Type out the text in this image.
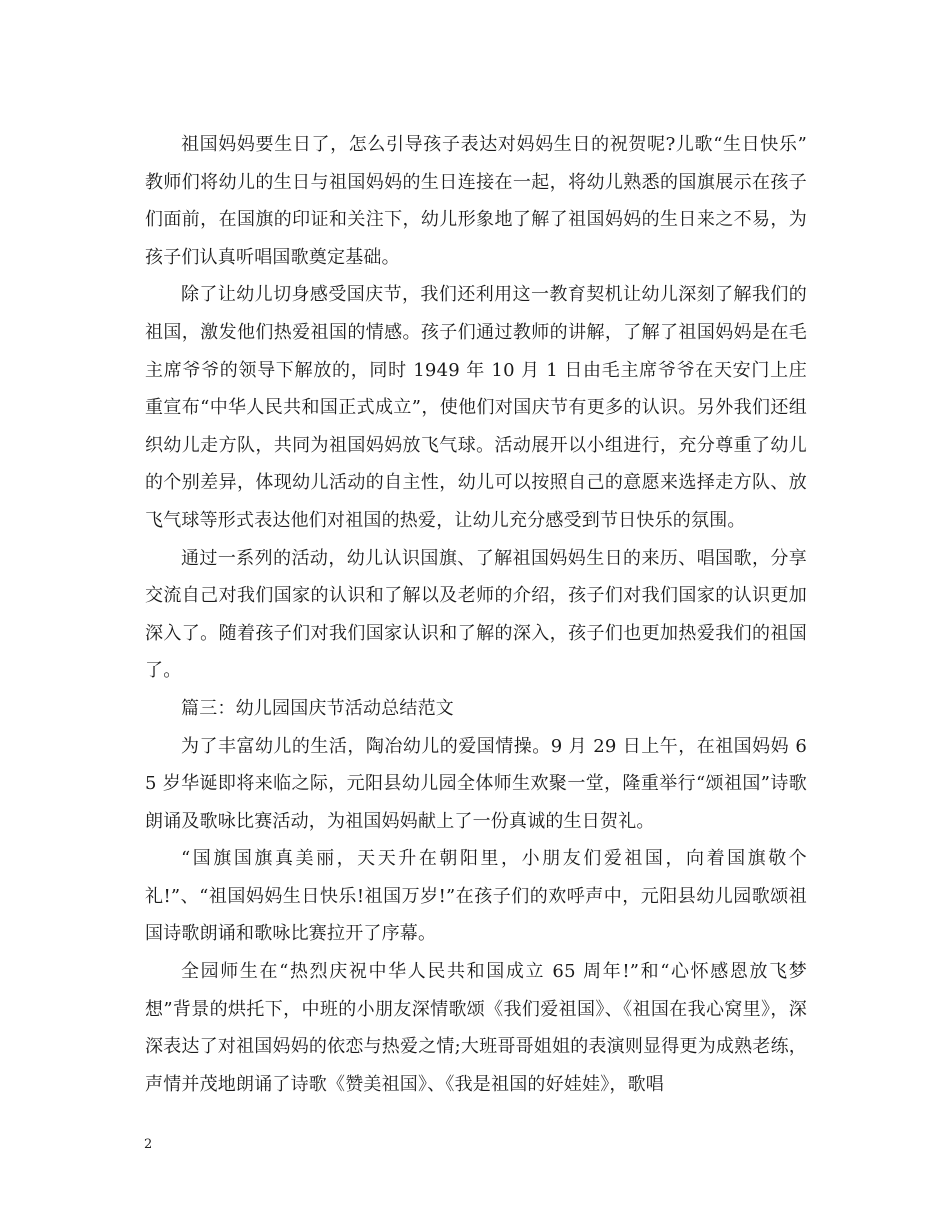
祖国妈妈要生日了，怎么引导孩子表达对妈妈生日的祝贺呢?儿歌“生日快乐” 教师们将幼儿的生日与祖国妈妈的生日连接在一起，将幼儿熟悉的国旗展示在孩子们面前，在国旗的印证和关注下，幼儿形象地了解了祖国妈妈的生日来之不易，为孩子们认真听唱国歌奠定基础。

除了让幼儿切身感受国庆节，我们还利用这一教育契机让幼儿深刻了解我们的祖国，激发他们热爱祖国的情感。孩子们通过教师的讲解，了解了祖国妈妈是在毛主席爷爷的领导下解放的，同时 1949 年 10 月 1 日由毛主席爷爷在天安门上庄重宣布“中华人民共和国正式成立”，使他们对国庆节有更多的认识。另外我们还组织幼儿走方队，共同为祖国妈妈放飞气球。活动展开以小组进行，充分尊重了幼儿的个别差异，体现幼儿活动的自主性，幼儿可以按照自己的意愿来选择走方队、放飞气球等形式表达他们对祖国的热爱，让幼儿充分感受到节日快乐的氛围。

通过一系列的活动，幼儿认识国旗、了解祖国妈妈生日的来历、唱国歌，分享交流自己对我们国家的认识和了解以及老师的介绍，孩子们对我们国家的认识更加深入了。随着孩子们对我们国家认识和了解的深入，孩子们也更加热爱我们的祖国了。

篇三：幼儿园国庆节活动总结范文

为了丰富幼儿的生活，陶冶幼儿的爱国情操。9 月 29 日上午，在祖国妈妈 65 岁华诞即将来临之际，元阳县幼儿园全体师生欢聚一堂，隆重举行“颂祖国”诗歌朗诵及歌咏比赛活动，为祖国妈妈献上了一份真诚的生日贺礼。

“国旗国旗真美丽，天天升在朝阳里，小朋友们爱祖国，向着国旗敬个礼!”、“祖国妈妈生日快乐!祖国万岁!”在孩子们的欢呼声中，元阳县幼儿园歌颂祖国诗歌朗诵和歌咏比赛拉开了序幕。

全园师生在“热烈庆祝中华人民共和国成立 65 周年!”和“心怀感恩放飞梦想”背景的烘托下，中班的小朋友深情歌颂《我们爱祖国》、《祖国在我心窝里》，深深表达了对祖国妈妈的依恋与热爱之情;大班哥哥姐姐的表演则显得更为成熟老练，声情并茂地朗诵了诗歌《赞美祖国》、《我是祖国的好娃娃》，歌唱

2
